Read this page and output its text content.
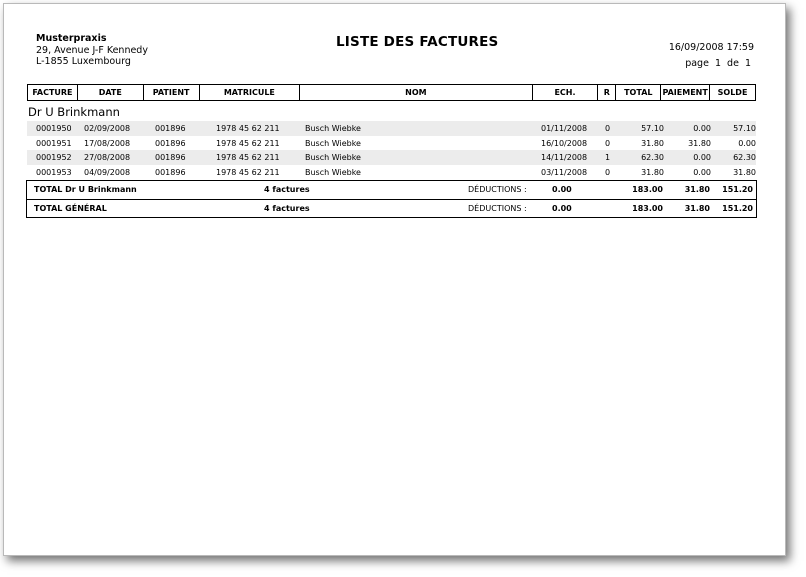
Musterpraxis
29, Avenue J-F Kennedy
L-1855 Luxembourg
LISTE DES FACTURES	16/09/2008 17:59
page 1 de 1
FACTURE	DATE	PATIENT	MATRICULE	NOM	ECH.	R	TOTAL	PAIEMENT	SOLDE
Dr U Brinkmann
0001950 02/09/2008	001896	1978 45 62 211	Busch Wiebke	01/11/2008 0	57.10	0.00	57.10
0001951 17/08/2008	001896	1978 45 62 211	Busch Wiebke	16/10/2008 0	31.80	31.80	0.00
0001952 27/08/2008	001896	1978 45 62 211	Busch Wiebke	14/11/2008 1	62.30	0.00	62.30
0001953 04/09/2008	001896	1978 45 62 211	Busch Wiebke	03/11/2008 0	31.80	0.00	31.80
TOTAL Dr U Brinkmann	4 factures	DÉDUCTIONS :	0.00	183.00	31.80 151.20
TOTAL GÉNÉRAL	4 factures	DÉDUCTIONS :	0.00	183.00	31.80 151.20
